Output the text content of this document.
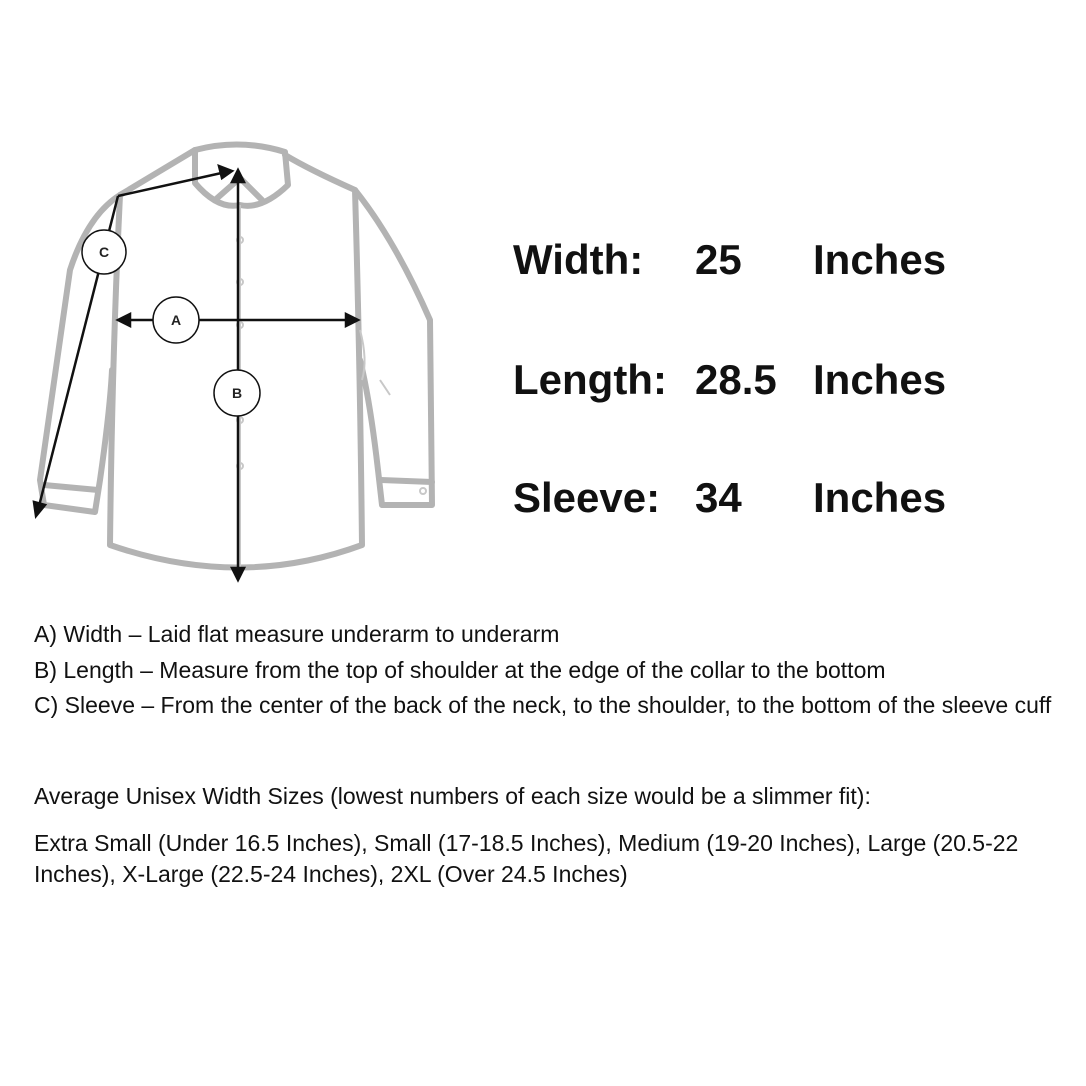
A
B
C	Width: 25 Inches
Length: 28.5 Inches
Sleeve: 34 Inches

A) Width – Laid flat measure underarm to underarm

B) Length – Measure from the top of shoulder at the edge of the collar to the bottom

C) Sleeve – From the center of the back of the neck, to the shoulder, to the bottom of the sleeve cuff

Average Unisex Width Sizes (lowest numbers of each size would be a slimmer fit):

Extra Small (Under 16.5 Inches), Small (17-18.5 Inches), Medium (19-20 Inches), Large (20.5-22 Inches), X-Large (22.5-24 Inches), 2XL (Over 24.5 Inches)
